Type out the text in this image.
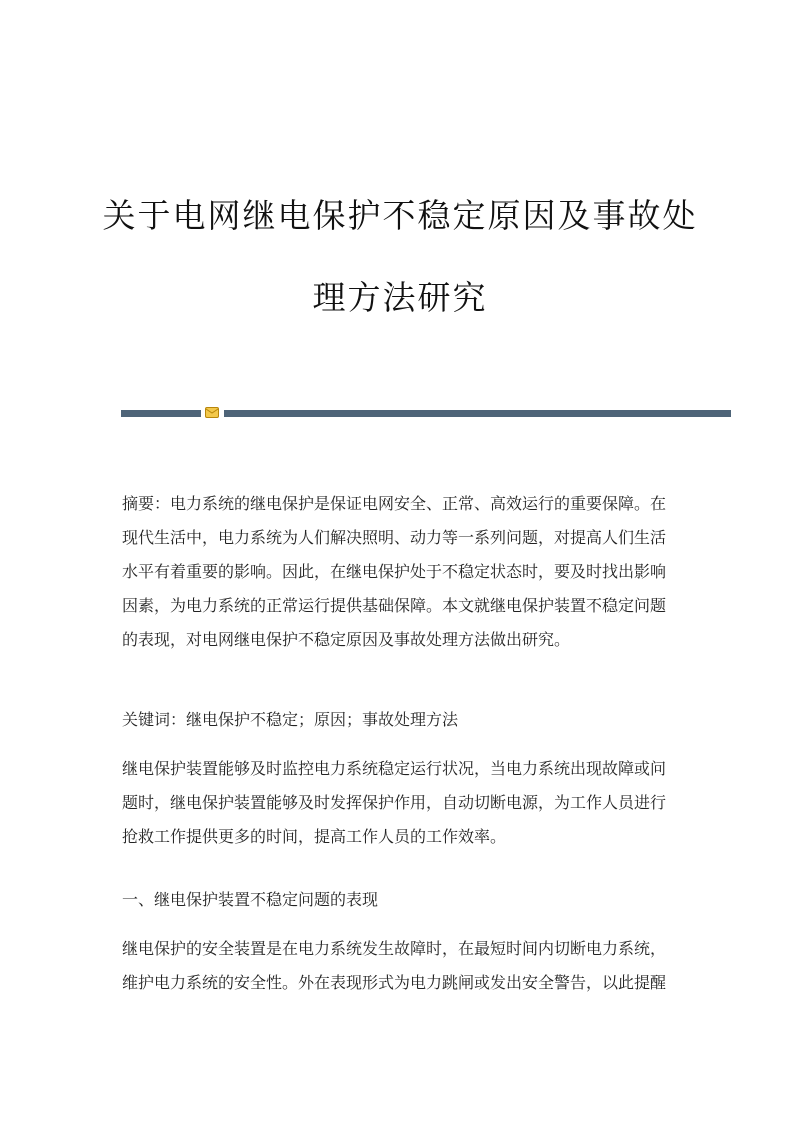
关于电网继电保护不稳定原因及事故处
理方法研究

摘要：电力系统的继电保护是保证电网安全、正常、高效运行的重要保障。在
现代生活中，电力系统为人们解决照明、动力等一系列问题，对提高人们生活
水平有着重要的影响。因此，在继电保护处于不稳定状态时，要及时找出影响
因素，为电力系统的正常运行提供基础保障。本文就继电保护装置不稳定问题
的表现，对电网继电保护不稳定原因及事故处理方法做出研究。

关键词：继电保护不稳定；原因；事故处理方法

继电保护装置能够及时监控电力系统稳定运行状况，当电力系统出现故障或问
题时，继电保护装置能够及时发挥保护作用，自动切断电源，为工作人员进行
抢救工作提供更多的时间，提高工作人员的工作效率。

一、继电保护装置不稳定问题的表现

继电保护的安全装置是在电力系统发生故障时，在最短时间内切断电力系统，
维护电力系统的安全性。外在表现形式为电力跳闸或发出安全警告，以此提醒
